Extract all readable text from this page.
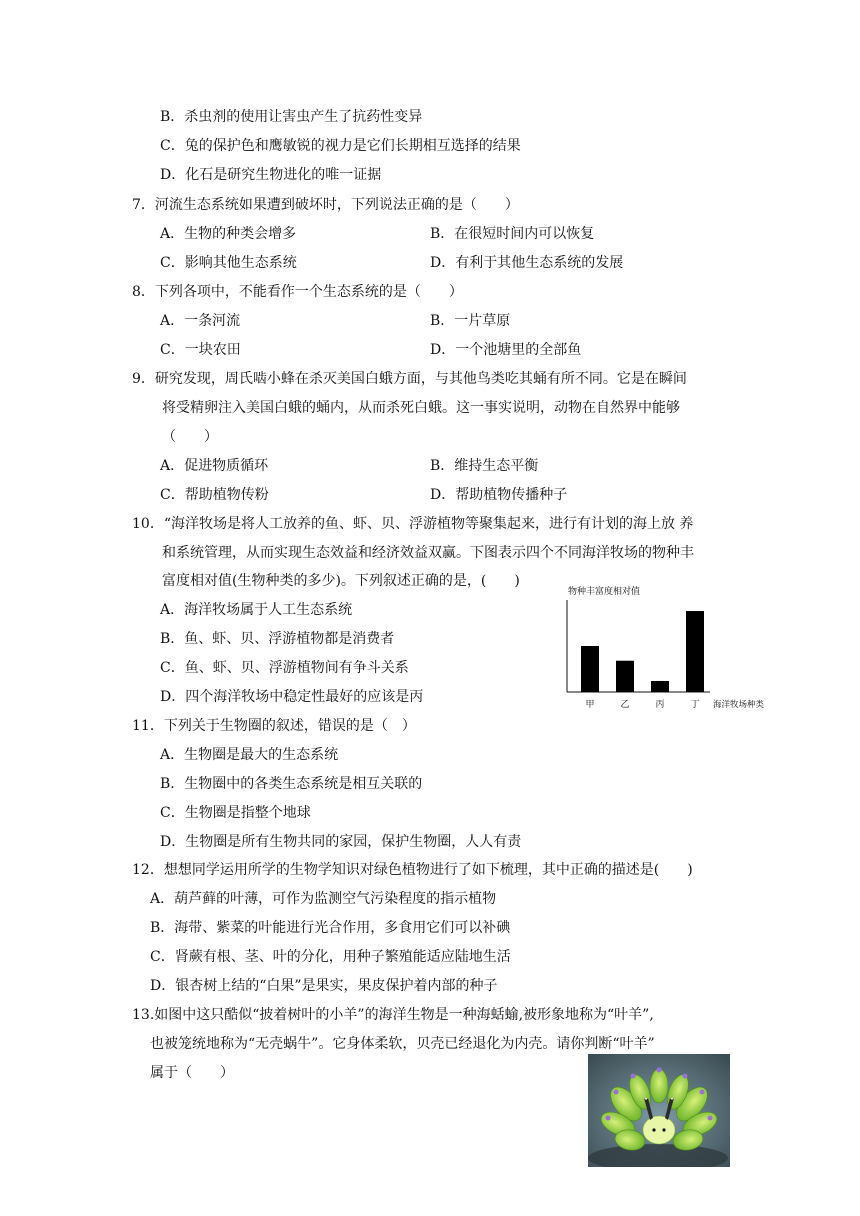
B．杀虫剂的使用让害虫产生了抗药性变异
C．兔的保护色和鹰敏锐的视力是它们长期相互选择的结果
D．化石是研究生物进化的唯一证据
7．河流生态系统如果遭到破坏时，下列说法正确的是（　　）
A．生物的种类会增多	B．在很短时间内可以恢复
C．影响其他生态系统	D．有利于其他生态系统的发展
8．下列各项中，不能看作一个生态系统的是（　　）
A．一条河流	B．一片草原
C．一块农田	D．一个池塘里的全部鱼
9．研究发现，周氏啮小蜂在杀灭美国白蛾方面，与其他鸟类吃其蛹有所不同。它是在瞬间
将受精卵注入美国白蛾的蛹内，从而杀死白蛾。这一事实说明，动物在自然界中能够
（　　）
A．促进物质循环	B．维持生态平衡
C．帮助植物传粉	D．帮助植物传播种子
10．“海洋牧场是将人工放养的鱼、虾、贝、浮游植物等聚集起来，进行有计划的海上放 养
和系统管理，从而实现生态效益和经济效益双赢。下图表示四个不同海洋牧场的物种丰
富度相对值(生物种类的多少)。下列叙述正确的是，(　　)
A．海洋牧场属于人工生态系统
B．鱼、虾、贝、浮游植物都是消费者
C．鱼、虾、贝、浮游植物间有争斗关系
D．四个海洋牧场中稳定性最好的应该是丙
物种丰富度相对值
甲	乙	丙	丁 海洋牧场种类
11．下列关于生物圈的叙述，错误的是（　）
A．生物圈是最大的生态系统
B．生物圈中的各类生态系统是相互关联的
C．生物圈是指整个地球
D．生物圈是所有生物共同的家园，保护生物圈，人人有责
12．想想同学运用所学的生物学知识对绿色植物进行了如下梳理，其中正确的描述是(　　)
A．葫芦藓的叶薄，可作为监测空气污染程度的指示植物
B．海带、紫菜的叶能进行光合作用，多食用它们可以补碘
C．肾蕨有根、茎、叶的分化，用种子繁殖能适应陆地生活
D．银杏树上结的“白果”是果实，果皮保护着内部的种子
13.如图中这只酷似“披着树叶的小羊”的海洋生物是一种海蛞蝓,被形象地称为“叶羊”,
也被笼统地称为“无壳蜗牛”。它身体柔软，贝壳已经退化为内壳。请你判断“叶羊”
属于（　　）
